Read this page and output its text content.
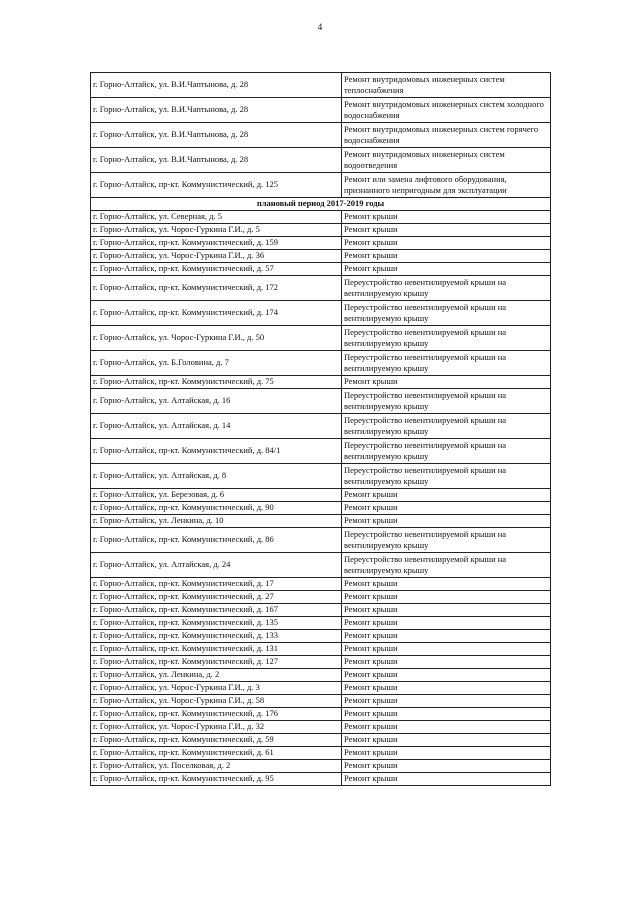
4
г. Горно-Алтайск, ул. В.И.Чаптынова, д. 28	Ремонт внутридомовых инженерных систем теплоснабжения
г. Горно-Алтайск, ул. В.И.Чаптынова, д. 28	Ремонт внутридомовых инженерных систем холодного водоснабжения
г. Горно-Алтайск, ул. В.И.Чаптынова, д. 28	Ремонт внутридомовых инженерных систем горячего водоснабжения
г. Горно-Алтайск, ул. В.И.Чаптынова, д. 28	Ремонт внутридомовых инженерных систем водоотведения
г. Горно-Алтайск, пр-кт. Коммунистический, д. 125	Ремонт или замена лифтового оборудования, признанного непригодным для эксплуатации
плановый период 2017-2019 годы	
г. Горно-Алтайск, ул. Северная, д. 5	Ремонт крыши
г. Горно-Алтайск, ул. Чорос-Гуркина Г.И., д. 5	Ремонт крыши
г. Горно-Алтайск, пр-кт. Коммунистический, д. 159	Ремонт крыши
г. Горно-Алтайск, ул. Чорос-Гуркина Г.И., д. 36	Ремонт крыши
г. Горно-Алтайск, пр-кт. Коммунистический, д. 57	Ремонт крыши
г. Горно-Алтайск, пр-кт. Коммунистический, д. 172	Переустройство невентилируемой крыши на вентилируемую крышу
г. Горно-Алтайск, пр-кт. Коммунистический, д. 174	Переустройство невентилируемой крыши на вентилируемую крышу
г. Горно-Алтайск, ул. Чорос-Гуркина Г.И., д. 50	Переустройство невентилируемой крыши на вентилируемую крышу
г. Горно-Алтайск, ул. Б.Головина, д. 7	Переустройство невентилируемой крыши на вентилируемую крышу
г. Горно-Алтайск, пр-кт. Коммунистический, д. 75	Ремонт крыши
г. Горно-Алтайск, ул. Алтайская, д. 16	Переустройство невентилируемой крыши на вентилируемую крышу
г. Горно-Алтайск, ул. Алтайская, д. 14	Переустройство невентилируемой крыши на вентилируемую крышу
г. Горно-Алтайск, пр-кт. Коммунистический, д. 84/1	Переустройство невентилируемой крыши на вентилируемую крышу
г. Горно-Алтайск, ул. Алтайская, д. 8	Переустройство невентилируемой крыши на вентилируемую крышу
г. Горно-Алтайск, ул. Березовая, д. 6	Ремонт крыши
г. Горно-Алтайск, пр-кт. Коммунистический, д. 90	Ремонт крыши
г. Горно-Алтайск, ул. Ленкина, д. 10	Ремонт крыши
г. Горно-Алтайск, пр-кт. Коммунистический, д. 86	Переустройство невентилируемой крыши на вентилируемую крышу
г. Горно-Алтайск, ул. Алтайская, д. 24	Переустройство невентилируемой крыши на вентилируемую крышу
г. Горно-Алтайск, пр-кт. Коммунистический, д. 17	Ремонт крыши
г. Горно-Алтайск, пр-кт. Коммунистический, д. 27	Ремонт крыши
г. Горно-Алтайск, пр-кт. Коммунистический, д. 167	Ремонт крыши
г. Горно-Алтайск, пр-кт. Коммунистический, д. 135	Ремонт крыши
г. Горно-Алтайск, пр-кт. Коммунистический, д. 133	Ремонт крыши
г. Горно-Алтайск, пр-кт. Коммунистический, д. 131	Ремонт крыши
г. Горно-Алтайск, пр-кт. Коммунистический, д. 127	Ремонт крыши
г. Горно-Алтайск, ул. Ленкина, д. 2	Ремонт крыши
г. Горно-Алтайск, ул. Чорос-Гуркина Г.И., д. 3	Ремонт крыши
г. Горно-Алтайск, ул. Чорос-Гуркина Г.И., д. 58	Ремонт крыши
г. Горно-Алтайск, пр-кт. Коммунистический, д. 176	Ремонт крыши
г. Горно-Алтайск, ул. Чорос-Гуркина Г.И., д. 32	Ремонт крыши
г. Горно-Алтайск, пр-кт. Коммунистический, д. 59	Ремонт крыши
г. Горно-Алтайск, пр-кт. Коммунистический, д. 61	Ремонт крыши
г. Горно-Алтайск, ул. Поселковая, д. 2	Ремонт крыши
г. Горно-Алтайск, пр-кт. Коммунистический, д. 95	Ремонт крыши
